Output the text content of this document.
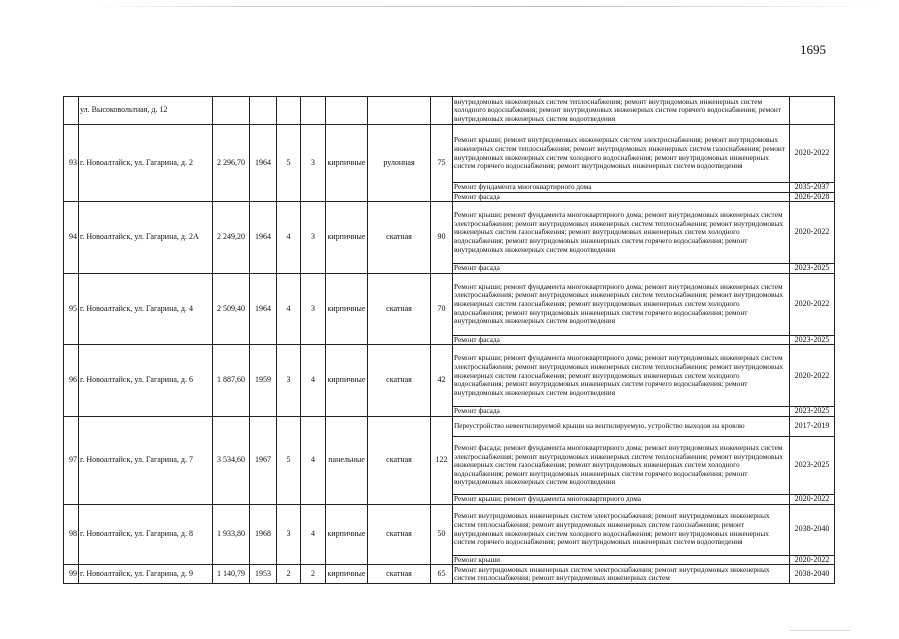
1695
	ул. Высоковольтная, д. 12								внутридомовых инженерных систем теплоснабжения; ремонт внутридомовых инженерных систем холодного водоснабжения; ремонт внутридомовых инженерных систем горячего водоснабжения; ремонт внутридомовых инженерных систем водоотведения	
93	г. Новоалтайск, ул. Гагарина, д. 2	2 296,70	1964	5	3	кирпичные	рулонная	75	Ремонт крыши; ремонт внутридомовых инженерных систем электроснабжения; ремонт внутридомовых инженерных систем теплоснабжения; ремонт внутридомовых инженерных систем газоснабжения; ремонт внутридомовых инженерных систем холодного водоснабжения; ремонт внутридомовых инженерных систем горячего водоснабжения; ремонт внутридомовых инженерных систем водоотведения	2020-2022
									Ремонт фундамента многоквартирного дома	2035-2037
									Ремонт фасада	2026-2028
94	г. Новоалтайск, ул. Гагарина, д. 2А	2 249,20	1964	4	3	кирпичные	скатная	90	Ремонт крыши; ремонт фундамента многоквартирного дома; ремонт внутридомовых инженерных систем электроснабжения; ремонт внутридомовых инженерных систем теплоснабжения; ремонт внутридомовых инженерных систем газоснабжения; ремонт внутридомовых инженерных систем холодного водоснабжения; ремонт внутридомовых инженерных систем горячего водоснабжения; ремонт внутридомовых инженерных систем водоотведения	2020-2022
									Ремонт фасада	2023-2025
95	г. Новоалтайск, ул. Гагарина, д. 4	2 509,40	1964	4	3	кирпичные	скатная	70	Ремонт крыши; ремонт фундамента многоквартирного дома; ремонт внутридомовых инженерных систем электроснабжения; ремонт внутридомовых инженерных систем теплоснабжения; ремонт внутридомовых инженерных систем газоснабжения; ремонт внутридомовых инженерных систем холодного водоснабжения; ремонт внутридомовых инженерных систем горячего водоснабжения; ремонт внутридомовых инженерных систем водоотведения	2020-2022
									Ремонт фасада	2023-2025
96	г. Новоалтайск, ул. Гагарина, д. 6	1 887,60	1959	3	4	кирпичные	скатная	42	Ремонт крыши; ремонт фундамента многоквартирного дома; ремонт внутридомовых инженерных систем электроснабжения; ремонт внутридомовых инженерных систем теплоснабжения; ремонт внутридомовых инженерных систем газоснабжения; ремонт внутридомовых инженерных систем холодного водоснабжения; ремонт внутридомовых инженерных систем горячего водоснабжения; ремонт внутридомовых инженерных систем водоотведения	2020-2022
									Ремонт фасада	2023-2025
97	г. Новоалтайск, ул. Гагарина, д. 7	3 534,60	1967	5	4	панельные	скатная	122	Переустройство невентилируемой крыши на вентилируемую, устройство выходов на кровлю	2017-2019
									Ремонт фасада; ремонт фундамента многоквартирного дома; ремонт внутридомовых инженерных систем электроснабжения; ремонт внутридомовых инженерных систем теплоснабжения; ремонт внутридомовых инженерных систем газоснабжения; ремонт внутридомовых инженерных систем холодного водоснабжения; ремонт внутридомовых инженерных систем горячего водоснабжения; ремонт внутридомовых инженерных систем водоотведения	2023-2025
									Ремонт крыши; ремонт фундамента многоквартирного дома	2020-2022
98	г. Новоалтайск, ул. Гагарина, д. 8	1 933,80	1968	3	4	кирпичные	скатная	50	Ремонт внутридомовых инженерных систем электроснабжения; ремонт внутридомовых инженерных систем теплоснабжения; ремонт внутридомовых инженерных систем газоснабжения; ремонт внутридомовых инженерных систем холодного водоснабжения; ремонт внутридомовых инженерных систем горячего водоснабжения; ремонт внутридомовых инженерных систем водоотведения	2038-2040
									Ремонт крыши	2020-2022
99	г. Новоалтайск, ул. Гагарина, д. 9	1 140,79	1953	2	2	кирпичные	скатная	65	Ремонт внутридомовых инженерных систем электроснабжения; ремонт внутридомовых инженерных систем теплоснабжения; ремонт внутридомовых инженерных систем	2038-2040
